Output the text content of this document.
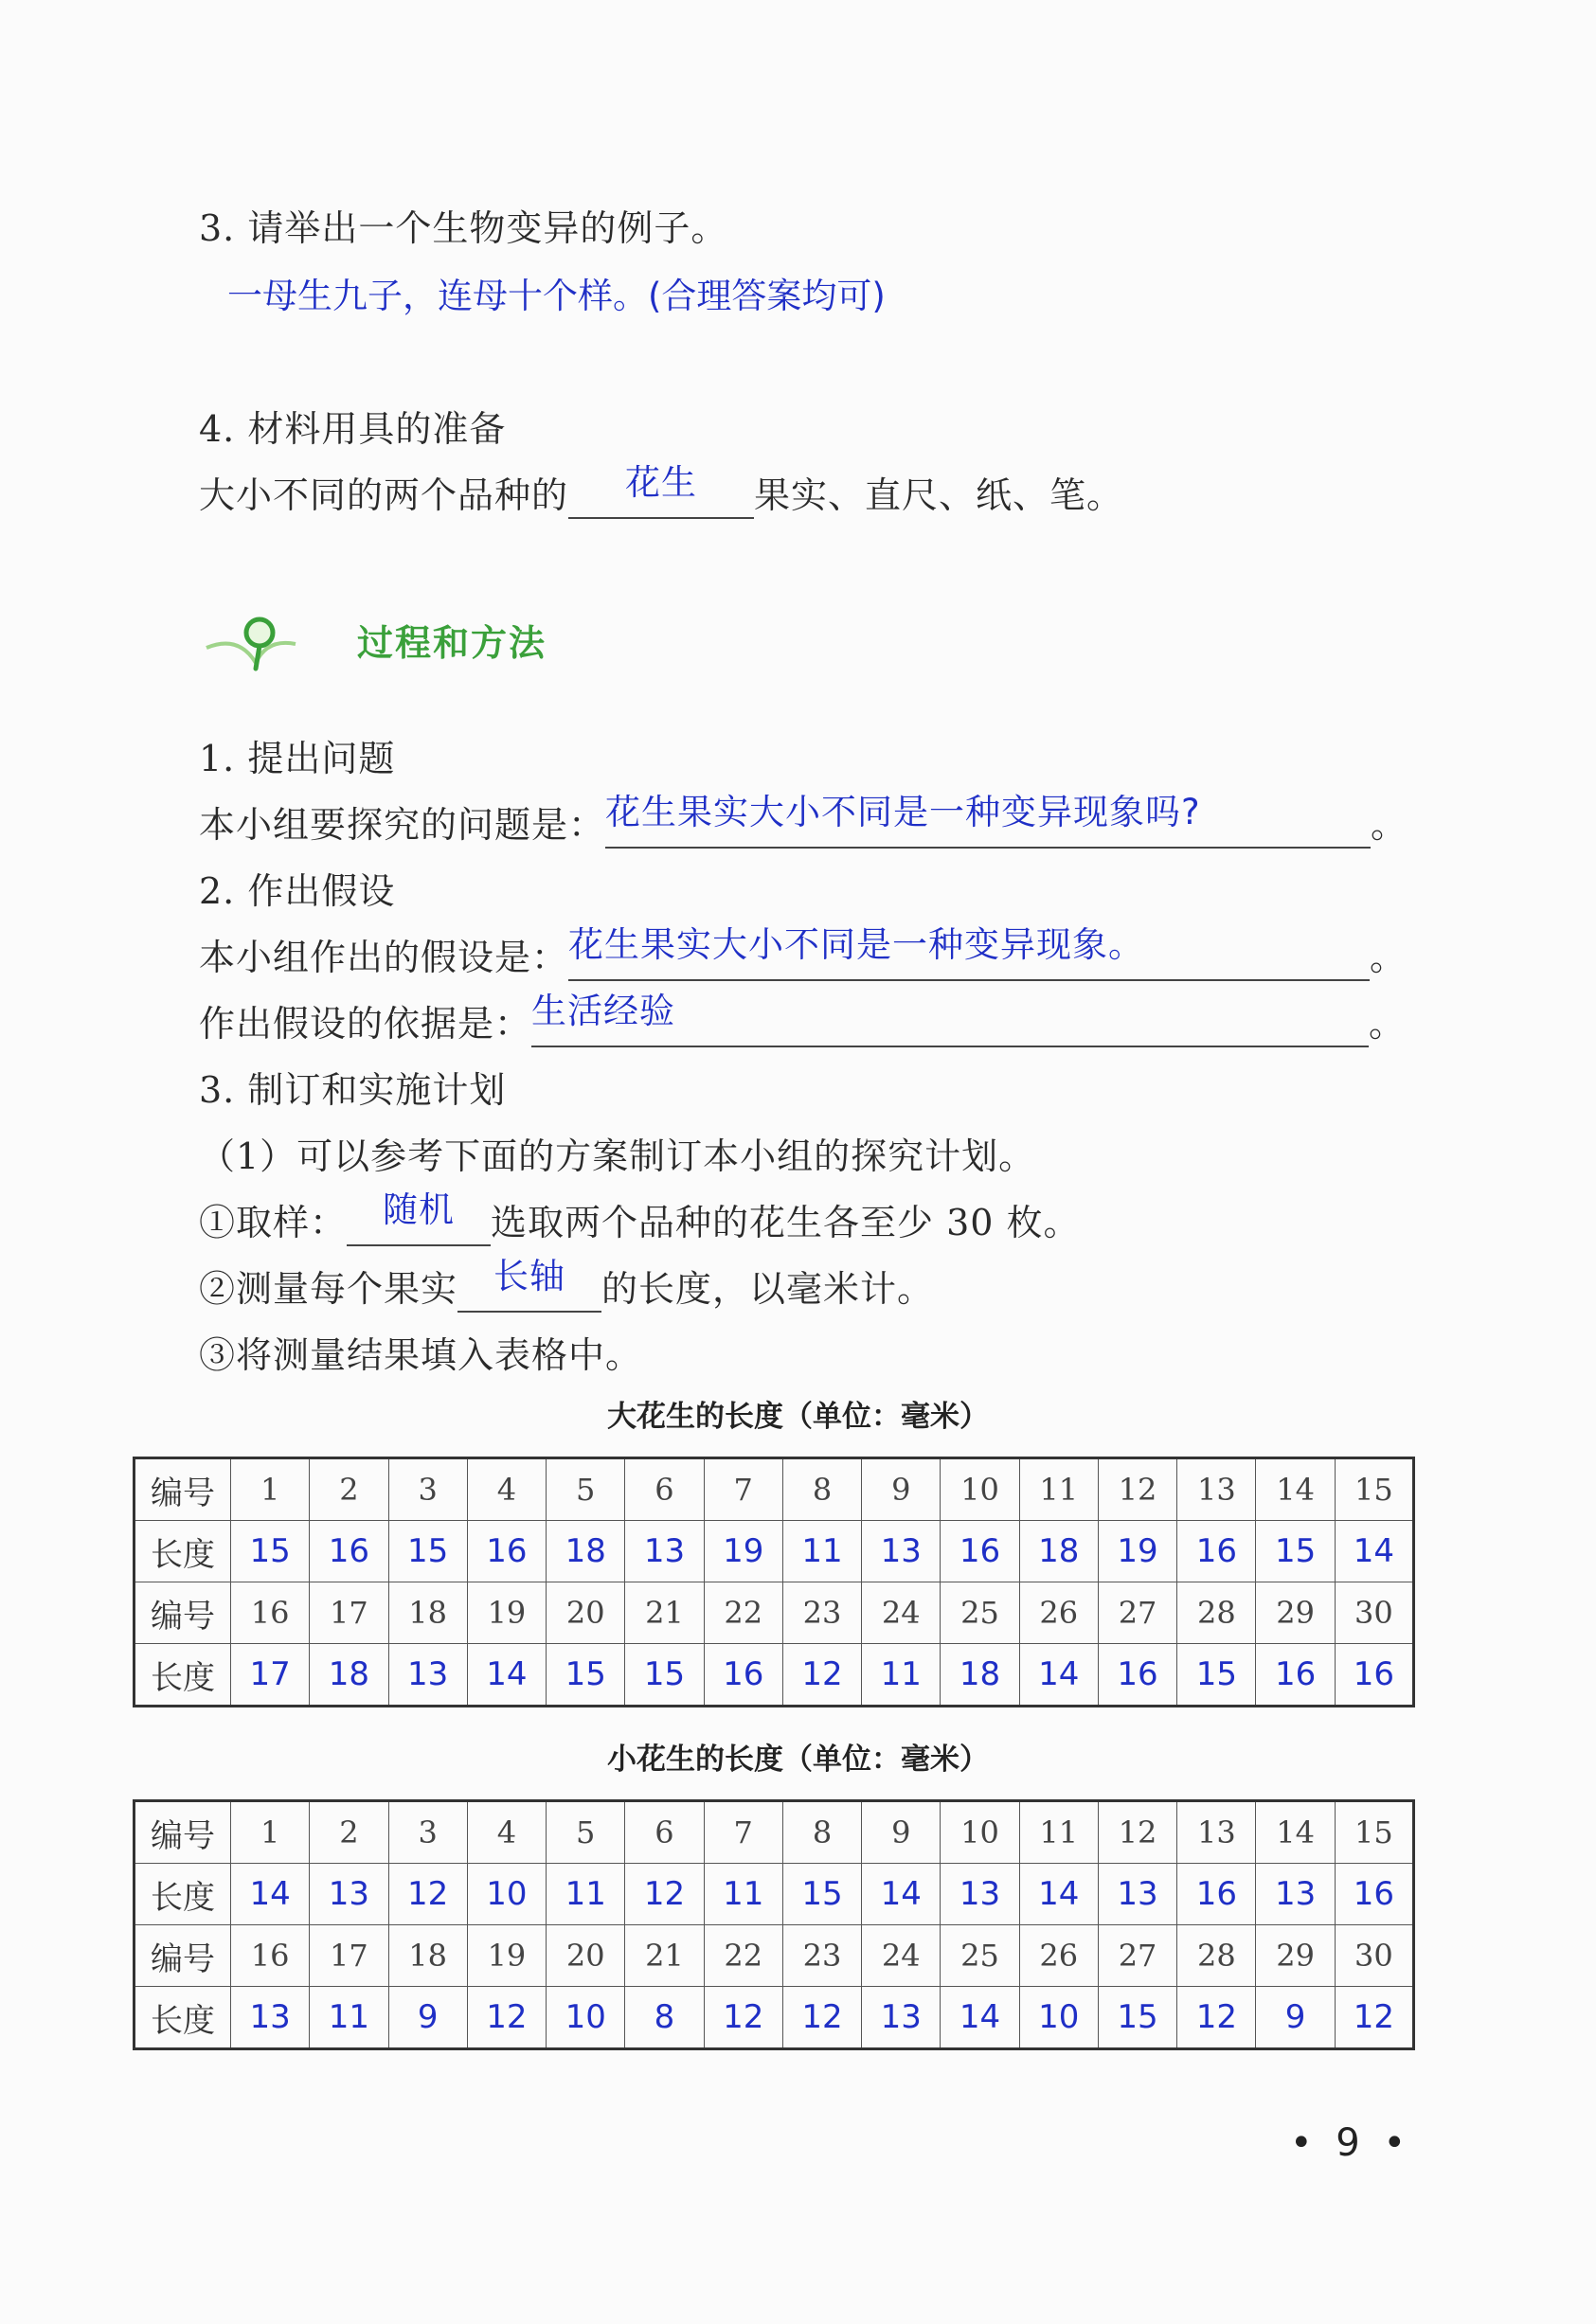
3. 请举出一个生物变异的例子。
一母生九子，连母十个样。(合理答案均可)
4. 材料用具的准备
大小不同的两个品种的 花生 果实、直尺、纸、笔。
过程和方法
1. 提出问题
本小组要探究的问题是：花生果实大小不同是一种变异现象吗?	。
2. 作出假设
本小组作出的假设是：花生果实大小不同是一种变异现象。	。
作出假设的依据是：生活经验	。
3. 制订和实施计划
（1）可以参考下面的方案制订本小组的探究计划。
①取样： 随机 选取两个品种的花生各至少 30 枚。
②测量每个果实 长轴 的长度，以毫米计。
③将测量结果填入表格中。
大花生的长度（单位：毫米）
编号	1	2	3	4	5	6	7	8	9	10	11	12	13	14	15
长度	15	16	15	16	18	13	19	11	13	16	18	19	16	15	14
编号	16	17	18	19	20	21	22	23	24	25	26	27	28	29	30
长度	17	18	13	14	15	15	16	12	11	18	14	16	15	16	16
小花生的长度（单位：毫米）
编号	1	2	3	4	5	6	7	8	9	10	11	12	13	14	15
长度	14	13	12	10	11	12	11	15	14	13	14	13	16	13	16
编号	16	17	18	19	20	21	22	23	24	25	26	27	28	29	30
长度	13	11	9	12	10	8	12	12	13	14	10	15	12	9	12
• 9 •
